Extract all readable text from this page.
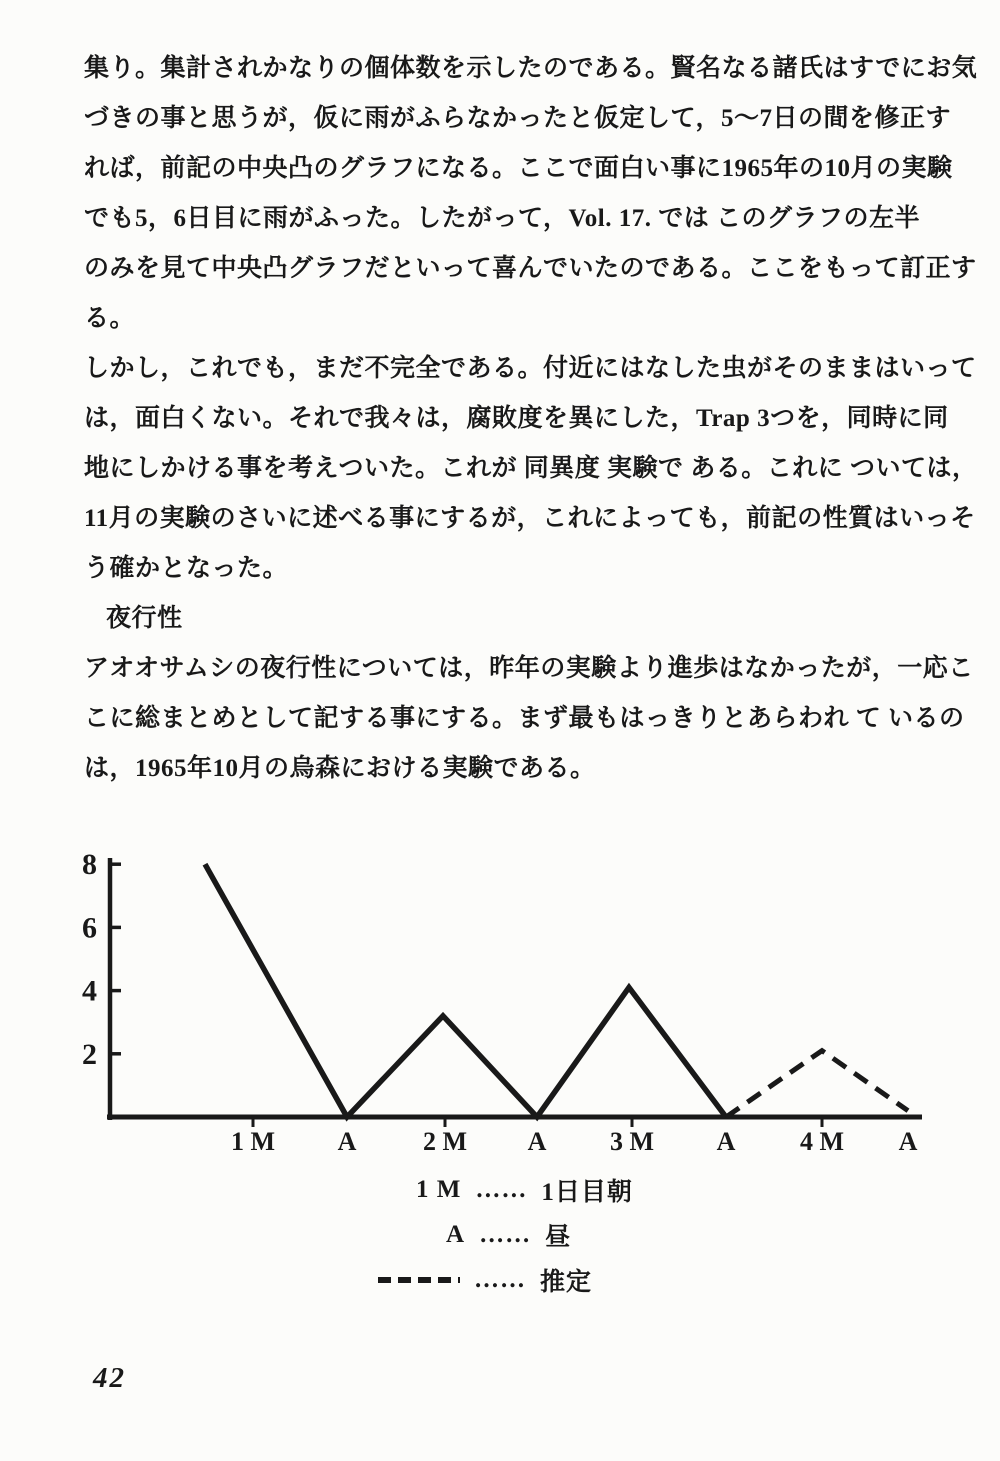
集り。集計されかなりの個体数を示したのである。賢名なる諸氏はすでにお気
づきの事と思うが，仮に雨がふらなかったと仮定して，5～7日の間を修正す
れば，前記の中央凸のグラフになる。ここで面白い事に1965年の10月の実験
でも5，6日目に雨がふった。したがって，Vol. 17. では このグラフの左半
のみを見て中央凸グラフだといって喜んでいたのである。ここをもって訂正す
る。
しかし，これでも，まだ不完全である。付近にはなした虫がそのままはいって
は，面白くない。それで我々は，腐敗度を異にした，Trap 3つを，同時に同
地にしかける事を考えついた。これが 同異度 実験で ある。これに ついては，
11月の実験のさいに述べる事にするが，これによっても，前記の性質はいっそ
う確かとなった。
夜行性
アオオサムシの夜行性については，昨年の実験より進歩はなかったが，一応こ
こに総まとめとして記する事にする。まず最もはっきりとあらわれ て いるの
は，1965年10月の烏森における実験である。
2
4
6
8
1 M A	2 M A 3 M A 4 M A
1 M …… 1日目朝
A …… 昼
…… 推定
42
